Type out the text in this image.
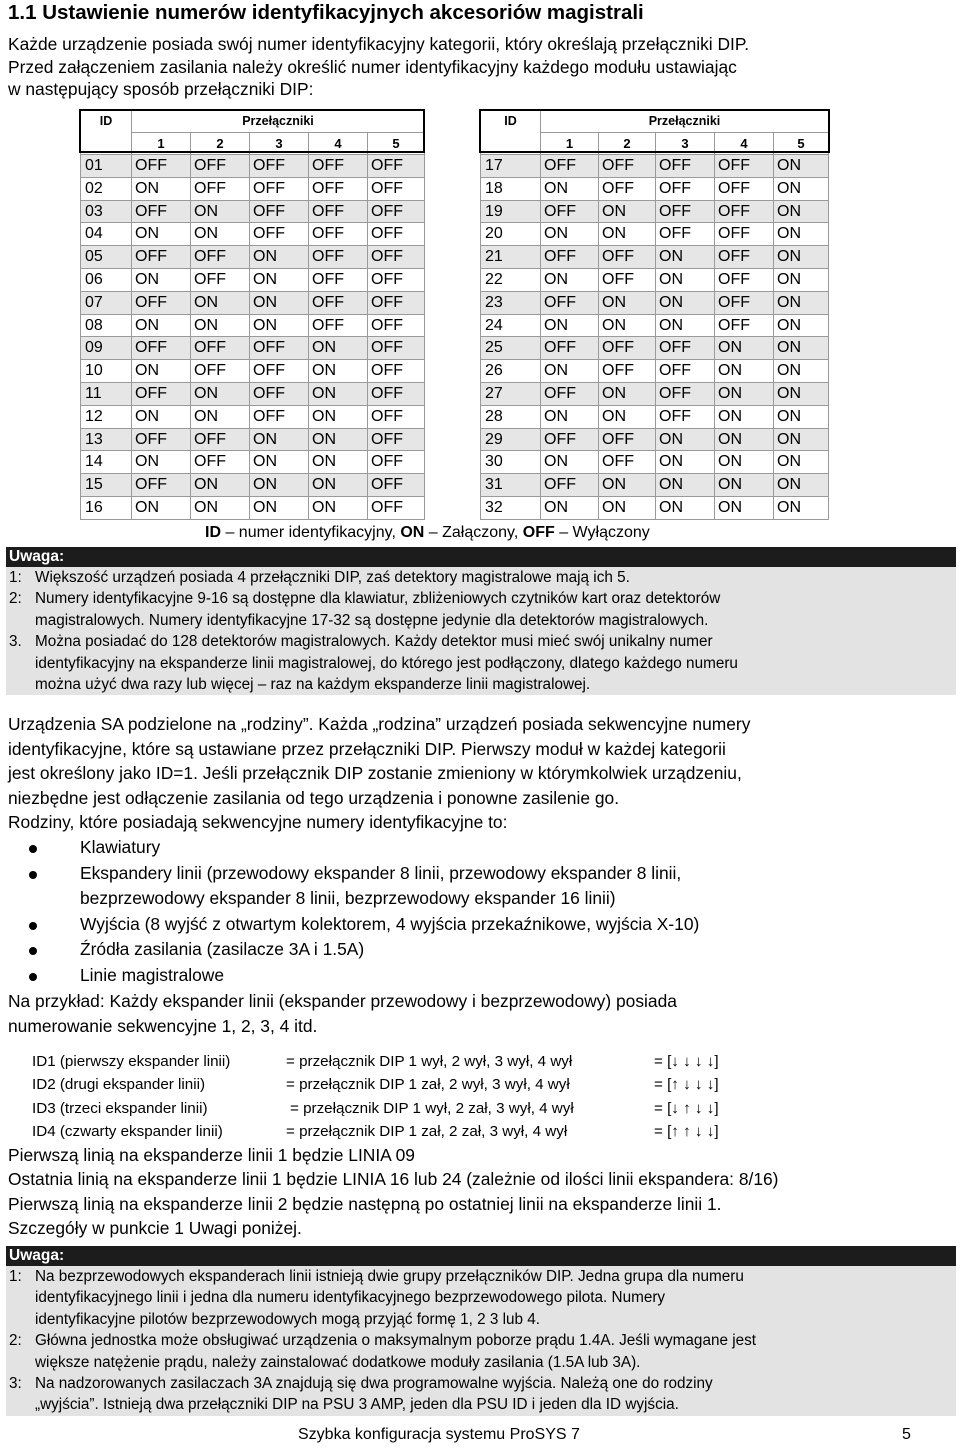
1.1 Ustawienie numerów identyfikacyjnych akcesoriów magistrali
Każde urządzenie posiada swój numer identyfikacyjny kategorii, który określają przełączniki DIP.
Przed załączeniem zasilania należy określić numer identyfikacyjny każdego modułu ustawiając
w następujący sposób przełączniki DIP:
ID	Przełączniki				
	1	2	3	4	5
01	OFF	OFF	OFF	OFF	OFF
02	ON	OFF	OFF	OFF	OFF
03	OFF	ON	OFF	OFF	OFF
04	ON	ON	OFF	OFF	OFF
05	OFF	OFF	ON	OFF	OFF
06	ON	OFF	ON	OFF	OFF
07	OFF	ON	ON	OFF	OFF
08	ON	ON	ON	OFF	OFF
09	OFF	OFF	OFF	ON	OFF
10	ON	OFF	OFF	ON	OFF
11	OFF	ON	OFF	ON	OFF
12	ON	ON	OFF	ON	OFF
13	OFF	OFF	ON	ON	OFF
14	ON	OFF	ON	ON	OFF
15	OFF	ON	ON	ON	OFF
16	ON	ON	ON	ON	OFF
ID	Przełączniki				
	1	2	3	4	5
17	OFF	OFF	OFF	OFF	ON
18	ON	OFF	OFF	OFF	ON
19	OFF	ON	OFF	OFF	ON
20	ON	ON	OFF	OFF	ON
21	OFF	OFF	ON	OFF	ON
22	ON	OFF	ON	OFF	ON
23	OFF	ON	ON	OFF	ON
24	ON	ON	ON	OFF	ON
25	OFF	OFF	OFF	ON	ON
26	ON	OFF	OFF	ON	ON
27	OFF	ON	OFF	ON	ON
28	ON	ON	OFF	ON	ON
29	OFF	OFF	ON	ON	ON
30	ON	OFF	ON	ON	ON
31	OFF	ON	ON	ON	ON
32	ON	ON	ON	ON	ON
ID – numer identyfikacyjny, ON – Załączony, OFF – Wyłączony
Uwaga:
1: Większość urządzeń posiada 4 przełączniki DIP, zaś detektory magistralowe mają ich 5.
2: Numery identyfikacyjne 9-16 są dostępne dla klawiatur, zbliżeniowych czytników kart oraz detektorów
magistralowych. Numery identyfikacyjne 17-32 są dostępne jedynie dla detektorów magistralowych.
3. Można posiadać do 128 detektorów magistralowych. Każdy detektor musi mieć swój unikalny numer
identyfikacyjny na ekspanderze linii magistralowej, do którego jest podłączony, dlatego każdego numeru
można użyć dwa razy lub więcej – raz na każdym ekspanderze linii magistralowej.
Urządzenia SA podzielone na „rodziny”. Każda „rodzina” urządzeń posiada sekwencyjne numery
identyfikacyjne, które są ustawiane przez przełączniki DIP. Pierwszy moduł w każdej kategorii
jest określony jako ID=1. Jeśli przełącznik DIP zostanie zmieniony w którymkolwiek urządzeniu,
niezbędne jest odłączenie zasilania od tego urządzenia i ponowne zasilenie go.
Rodziny, które posiadają sekwencyjne numery identyfikacyjne to:
Klawiatury
Ekspandery linii (przewodowy ekspander 8 linii, przewodowy ekspander 8 linii,
bezprzewodowy ekspander 8 linii, bezprzewodowy ekspander 16 linii)
Wyjścia (8 wyjść z otwartym kolektorem, 4 wyjścia przekaźnikowe, wyjścia X-10)
Źródła zasilania (zasilacze 3A i 1.5A)
Linie magistralowe
Na przykład: Każdy ekspander linii (ekspander przewodowy i bezprzewodowy) posiada
numerowanie sekwencyjne 1, 2, 3, 4 itd.
ID1 (pierwszy ekspander linii)	= przełącznik DIP 1 wył, 2 wył, 3 wył, 4 wył	= [↓ ↓ ↓ ↓]
ID2 (drugi ekspander linii)	= przełącznik DIP 1 zał, 2 wył, 3 wył, 4 wył	= [↑ ↓ ↓ ↓]
ID3 (trzeci ekspander linii)	= przełącznik DIP 1 wył, 2 zał, 3 wył, 4 wył	= [↓ ↑ ↓ ↓]
ID4 (czwarty ekspander linii)	= przełącznik DIP 1 zał, 2 zał, 3 wył, 4 wył	= [↑ ↑ ↓ ↓]
Pierwszą linią na ekspanderze linii 1 będzie LINIA 09
Ostatnia linią na ekspanderze linii 1 będzie LINIA 16 lub 24 (zależnie od ilości linii ekspandera: 8/16)
Pierwszą linią na ekspanderze linii 2 będzie następną po ostatniej linii na ekspanderze linii 1.
Szczegóły w punkcie 1 Uwagi poniżej.
Uwaga:
1: Na bezprzewodowych ekspanderach linii istnieją dwie grupy przełączników DIP. Jedna grupa dla numeru
identyfikacyjnego linii i jedna dla numeru identyfikacyjnego bezprzewodowego pilota. Numery
identyfikacyjne pilotów bezprzewodowych mogą przyjąć formę 1, 2 3 lub 4.
2: Główna jednostka może obsługiwać urządzenia o maksymalnym poborze prądu 1.4A. Jeśli wymagane jest
większe natężenie prądu, należy zainstalować dodatkowe moduły zasilania (1.5A lub 3A).
3: Na nadzorowanych zasilaczach 3A znajdują się dwa programowalne wyjścia. Należą one do rodziny
„wyjścia”. Istnieją dwa przełączniki DIP na PSU 3 AMP, jeden dla PSU ID i jeden dla ID wyjścia.
Szybka konfiguracja systemu ProSYS 7	5
